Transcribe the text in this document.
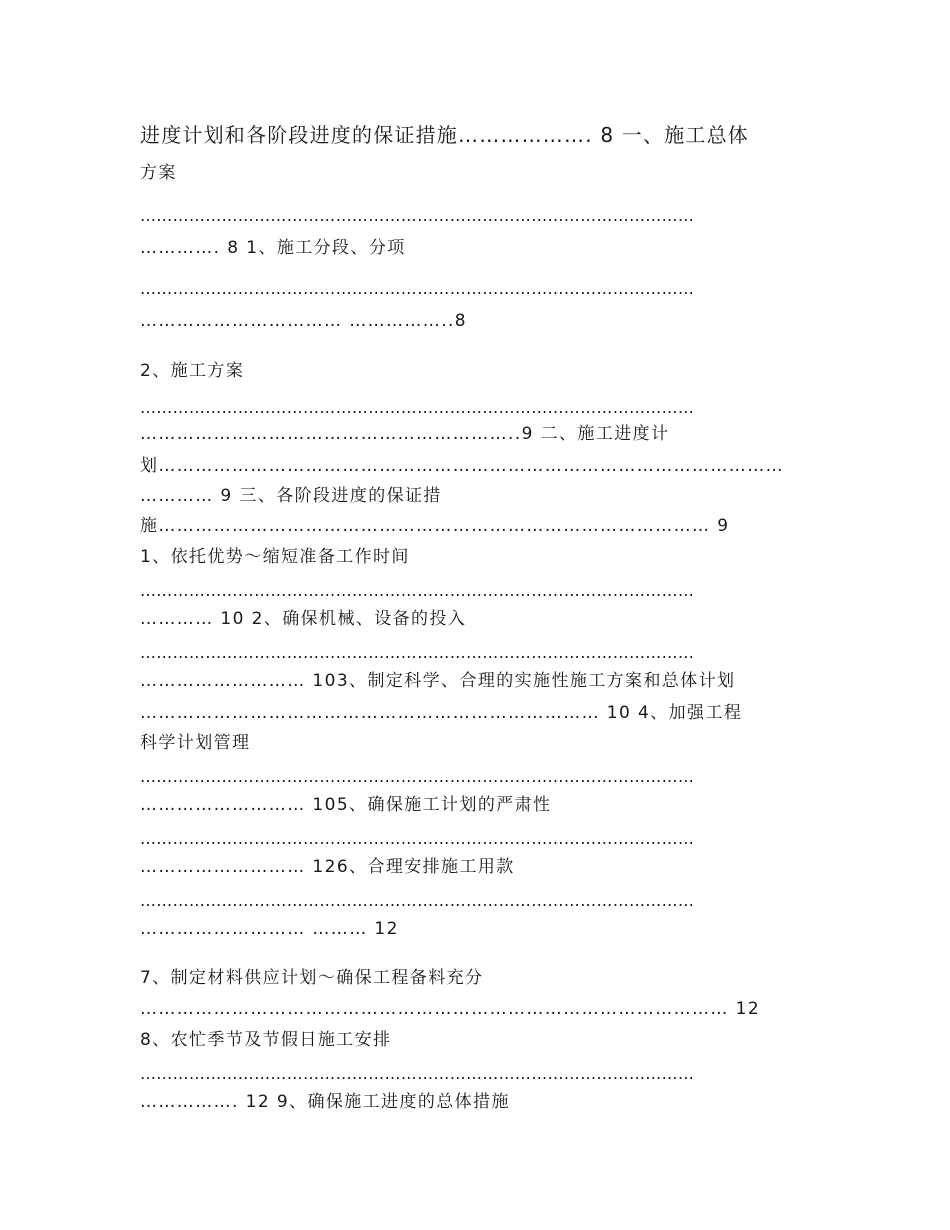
进度计划和各阶段进度的保证措施………………. 8 一、施工总体
方案
…………………………………………………………………………………………
…………. 8 1、施工分段、分项
…………………………………………………………………………………………
…………………………… ……………..8
2、施工方案
…………………………………………………………………………………………
……………………………………………………..9 二、施工进度计
划…………………………………………………………………………………………
………… 9 三、各阶段进度的保证措
施……………………………………………………………………………… 9
1、依托优势～缩短准备工作时间
…………………………………………………………………………………………
………… 10 2、确保机械、设备的投入
…………………………………………………………………………………………
……………………… 103、制定科学、合理的实施性施工方案和总体计划
………………………………………………………………… 10 4、加强工程
科学计划管理
…………………………………………………………………………………………
……………………… 105、确保施工计划的严肃性
…………………………………………………………………………………………
……………………… 126、合理安排施工用款
…………………………………………………………………………………………
……………………… ……… 12
7、制定材料供应计划～确保工程备料充分
…………………………………………………………………………………… 12
8、农忙季节及节假日施工安排
…………………………………………………………………………………………
……………. 12 9、确保施工进度的总体措施
